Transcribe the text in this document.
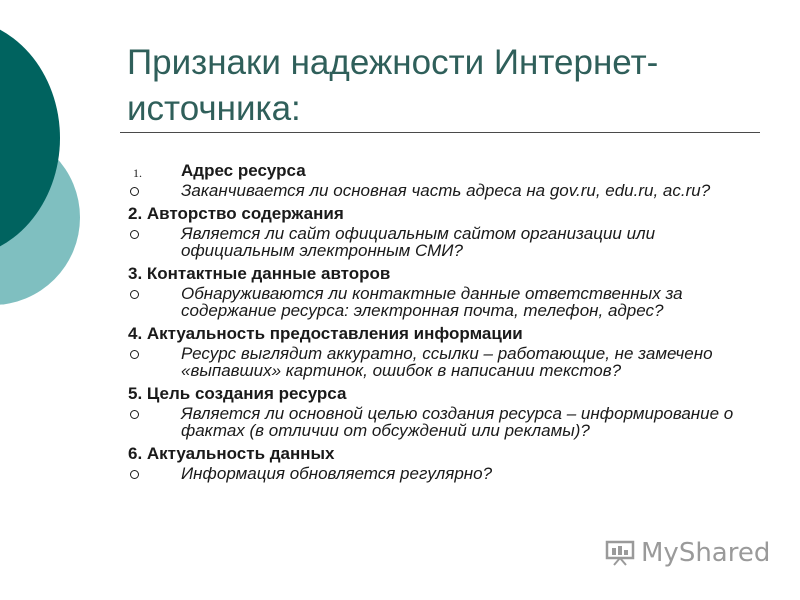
Признаки надежности Интернет-источника:
1.	Адрес ресурса
Заканчивается ли основная часть адреса на gov.ru, edu.ru, ac.ru?
2. Авторство содержания
Является ли сайт официальным сайтом организации или официальным электронным СМИ?
3. Контактные данные авторов
Обнаруживаются ли контактные данные ответственных за содержание ресурса: электронная почта, телефон, адрес?
4. Актуальность предоставления информации
Ресурс выглядит аккуратно, ссылки – работающие, не замечено «выпавших» картинок, ошибок в написании текстов?
5. Цель создания ресурса
Является ли основной целью создания ресурса – информирование о фактах (в отличии от обсуждений или рекламы)?
6. Актуальность данных
Информация обновляется регулярно?
MyShared
